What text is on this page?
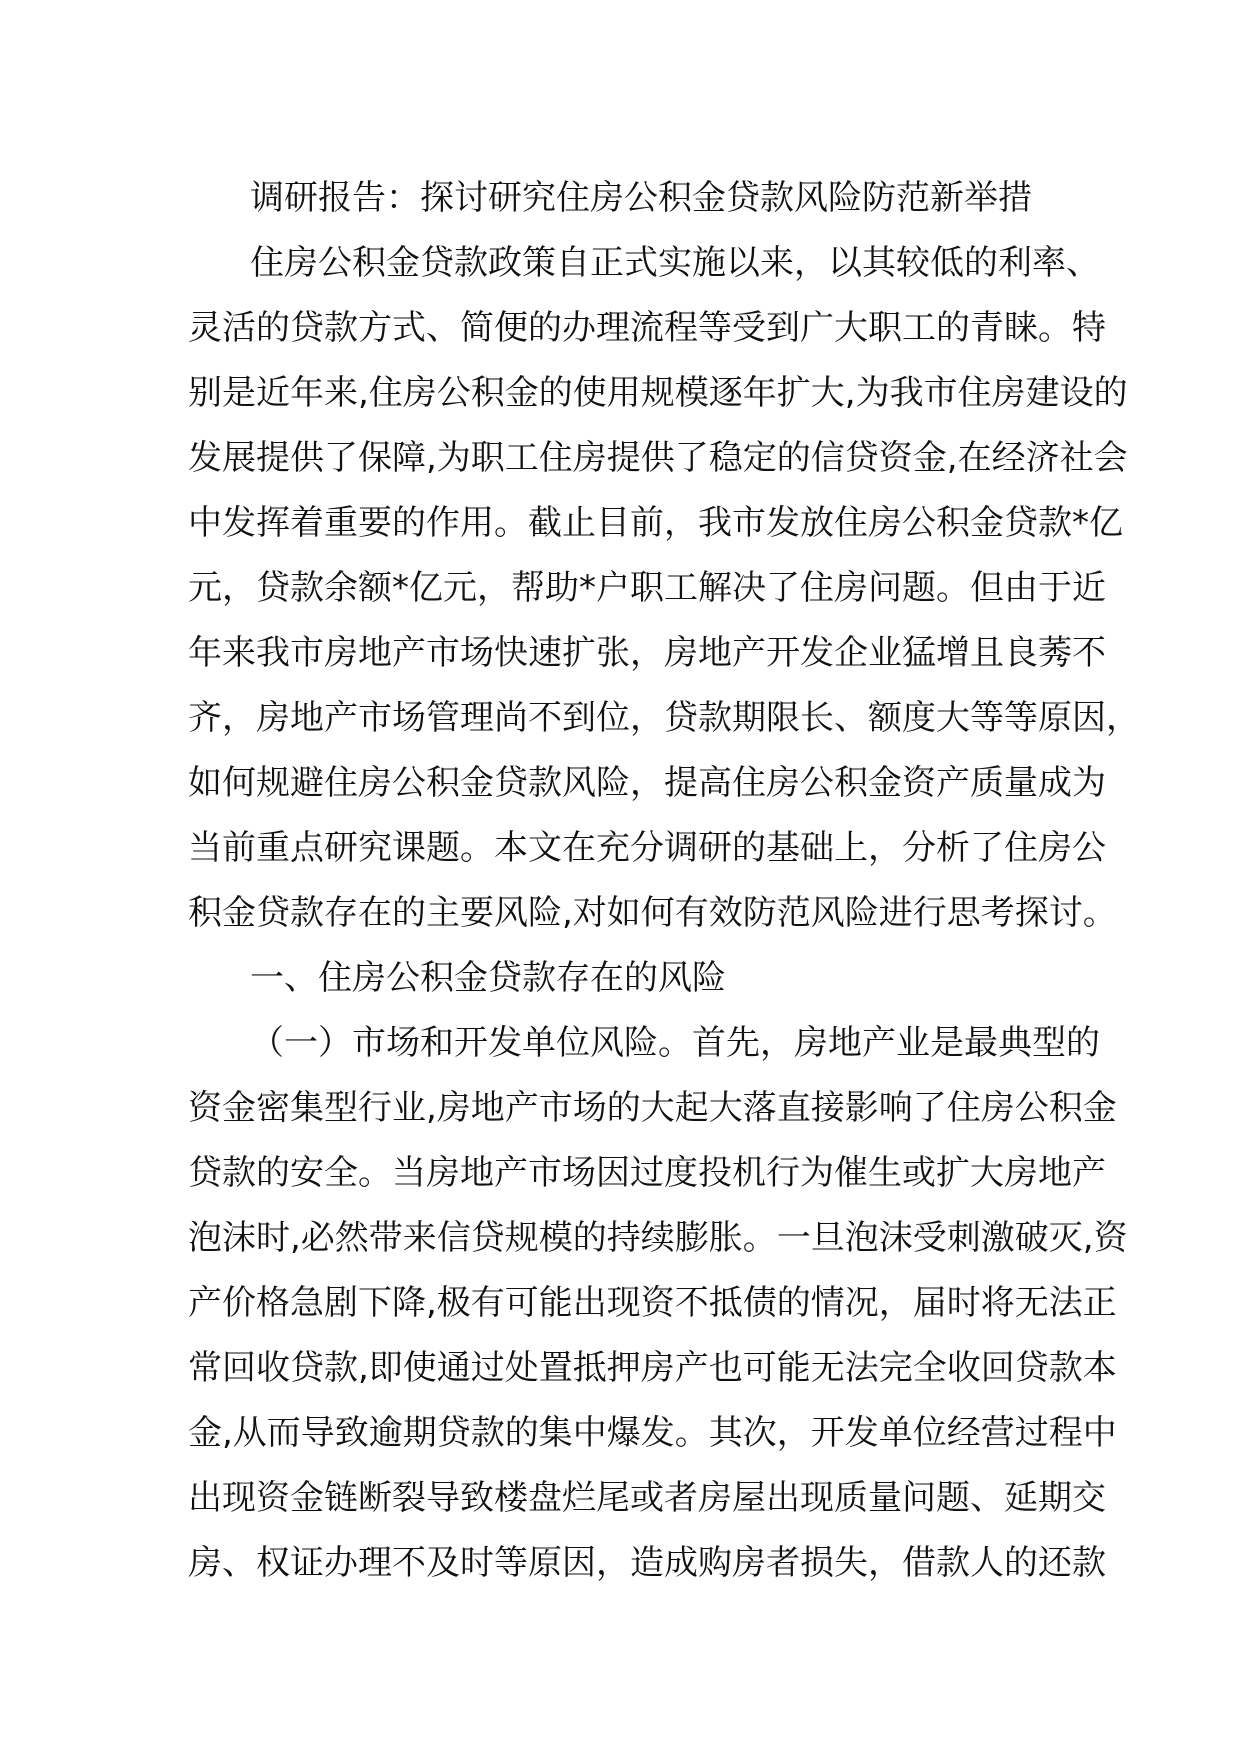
调研报告：探讨研究住房公积金贷款风险防范新举措
住房公积金贷款政策自正式实施以来，以其较低的利率、
灵活的贷款方式、简便的办理流程等受到广大职工的青睐。特
别是近年来,住房公积金的使用规模逐年扩大,为我市住房建设的
发展提供了保障,为职工住房提供了稳定的信贷资金,在经济社会
中发挥着重要的作用。截止目前，我市发放住房公积金贷款*亿
元，贷款余额*亿元，帮助*户职工解决了住房问题。但由于近
年来我市房地产市场快速扩张，房地产开发企业猛增且良莠不
齐，房地产市场管理尚不到位，贷款期限长、额度大等等原因，
如何规避住房公积金贷款风险，提高住房公积金资产质量成为
当前重点研究课题。本文在充分调研的基础上，分析了住房公
积金贷款存在的主要风险,对如何有效防范风险进行思考探讨。
一、住房公积金贷款存在的风险
（一）市场和开发单位风险。首先，房地产业是最典型的
资金密集型行业,房地产市场的大起大落直接影响了住房公积金
贷款的安全。当房地产市场因过度投机行为催生或扩大房地产
泡沫时,必然带来信贷规模的持续膨胀。一旦泡沫受刺激破灭,资
产价格急剧下降,极有可能出现资不抵债的情况，届时将无法正
常回收贷款,即使通过处置抵押房产也可能无法完全收回贷款本
金,从而导致逾期贷款的集中爆发。其次，开发单位经营过程中
出现资金链断裂导致楼盘烂尾或者房屋出现质量问题、延期交
房、权证办理不及时等原因，造成购房者损失，借款人的还款
